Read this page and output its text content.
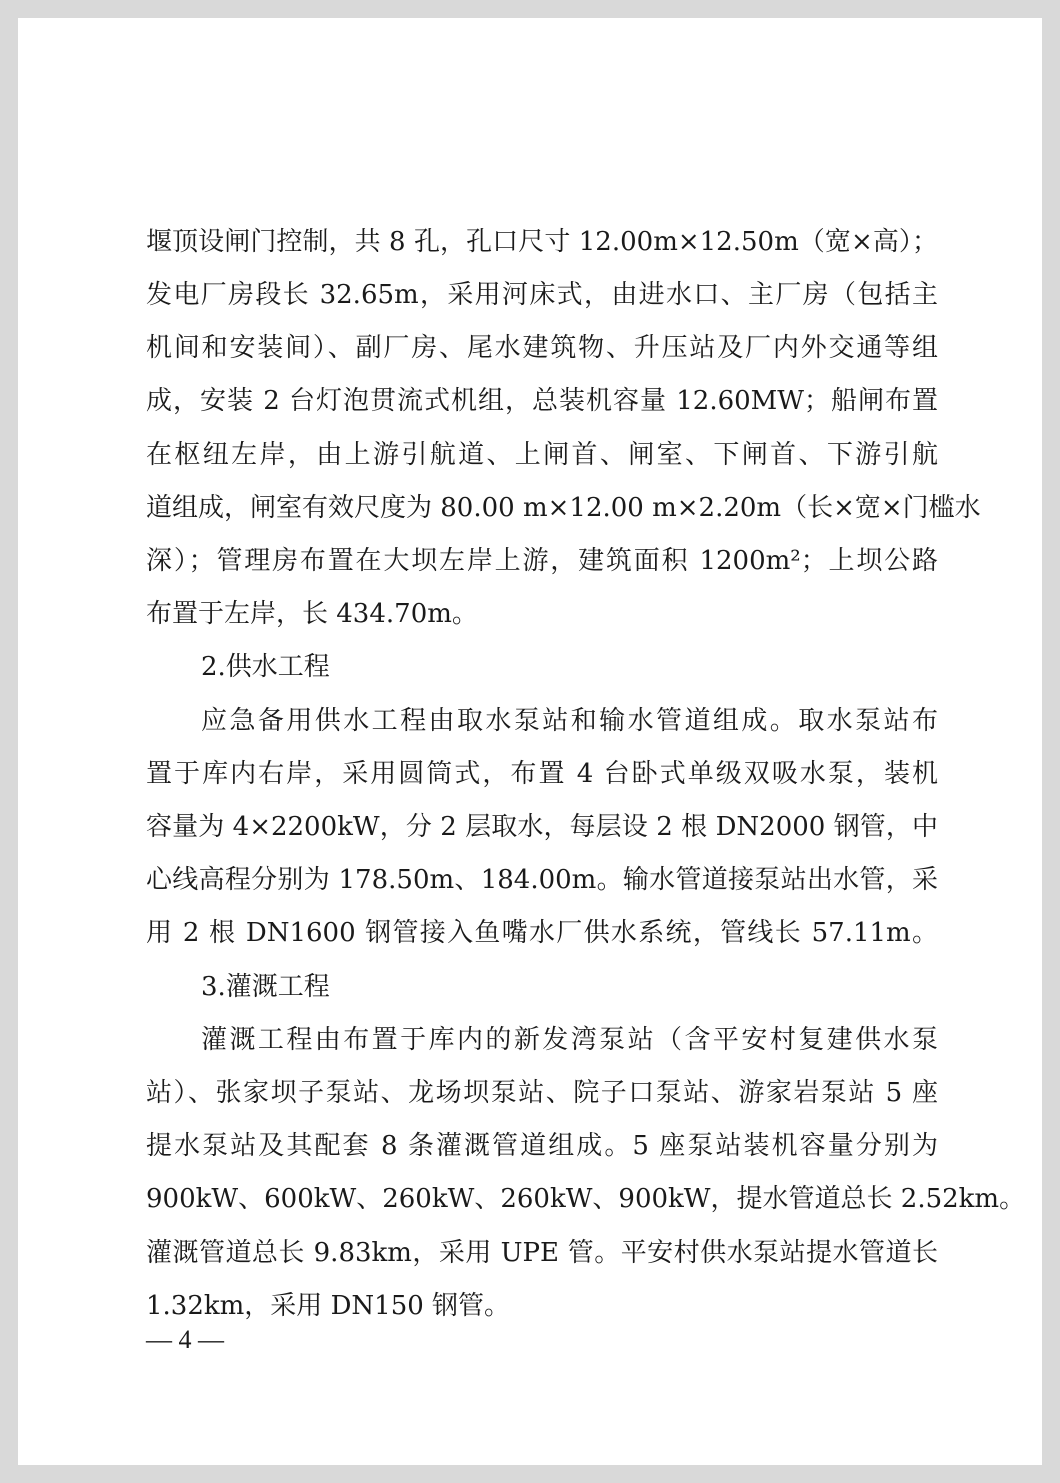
堰顶设闸门控制，共 8 孔，孔口尺寸 12.00m×12.50m（宽×高）；

发电厂房段长 32.65m，采用河床式，由进水口、主厂房（包括主

机间和安装间）、副厂房、尾水建筑物、升压站及厂内外交通等组

成，安装 2 台灯泡贯流式机组，总装机容量 12.60MW；船闸布置

在枢纽左岸，由上游引航道、上闸首、闸室、下闸首、下游引航

道组成，闸室有效尺度为 80.00 m×12.00 m×2.20m（长×宽×门槛水

深）；管理房布置在大坝左岸上游，建筑面积 1200m²；上坝公路

布置于左岸，长 434.70m。

2.供水工程

应急备用供水工程由取水泵站和输水管道组成。取水泵站布

置于库内右岸，采用圆筒式，布置 4 台卧式单级双吸水泵，装机

容量为 4×2200kW，分 2 层取水，每层设 2 根 DN2000 钢管，中

心线高程分别为 178.50m、184.00m。输水管道接泵站出水管，采

用 2 根 DN1600 钢管接入鱼嘴水厂供水系统，管线长 57.11m。

3.灌溉工程

灌溉工程由布置于库内的新发湾泵站（含平安村复建供水泵

站）、张家坝子泵站、龙场坝泵站、院子口泵站、游家岩泵站 5 座

提水泵站及其配套 8 条灌溉管道组成。5 座泵站装机容量分别为

900kW、600kW、260kW、260kW、900kW，提水管道总长 2.52km。

灌溉管道总长 9.83km，采用 UPE 管。平安村供水泵站提水管道长

1.32km，采用 DN150 钢管。

— 4 —
